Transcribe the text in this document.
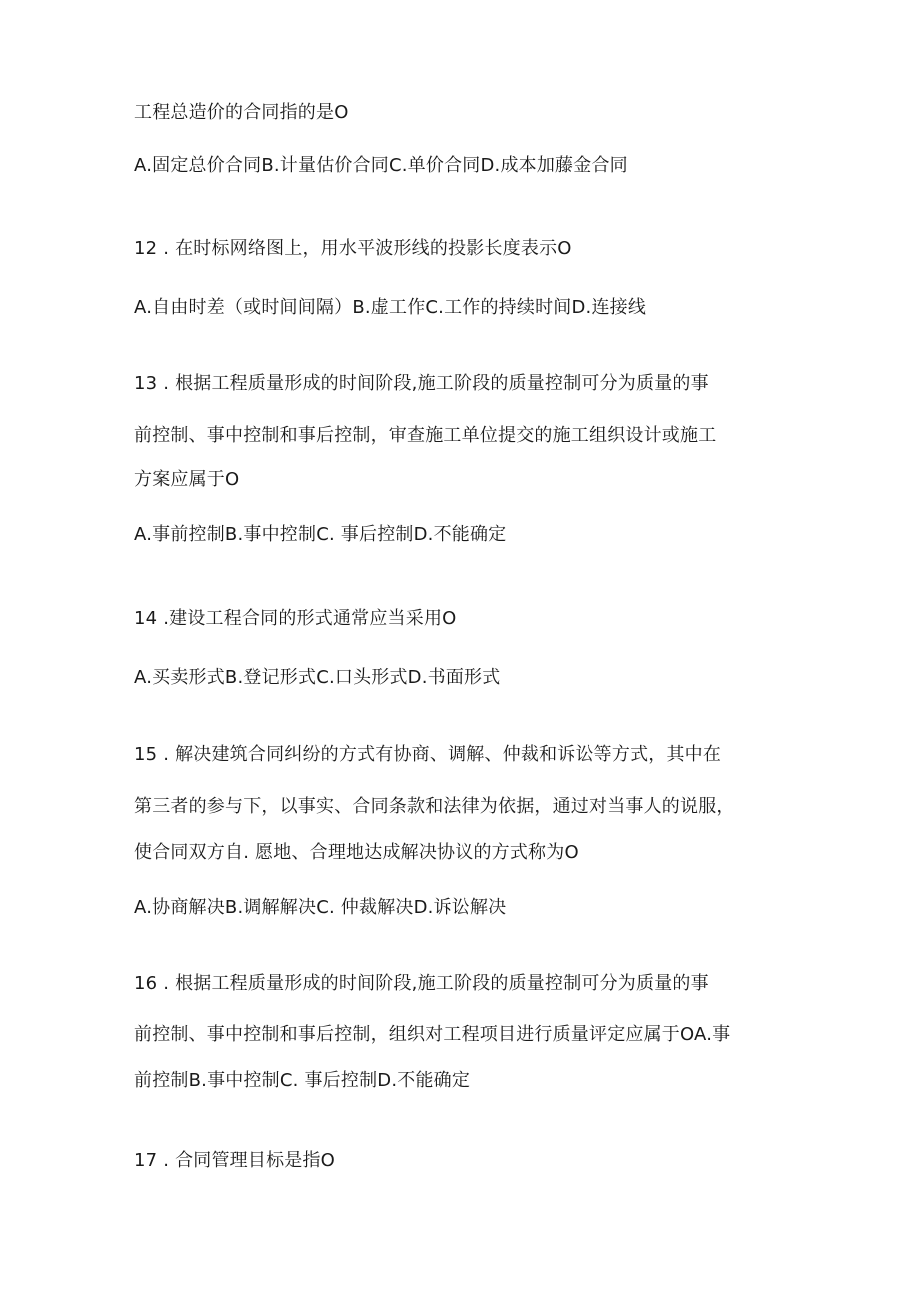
工程总造价的合同指的是O
A.固定总价合同B.计量估价合同C.单价合同D.成本加藤金合同
12 . 在时标网络图上，用水平波形线的投影长度表示O
A.自由时差（或时间间隔）B.虚工作C.工作的持续时间D.连接线
13 . 根据工程质量形成的时间阶段,施工阶段的质量控制可分为质量的事
前控制、事中控制和事后控制，审查施工单位提交的施工组织设计或施工
方案应属于O
A.事前控制B.事中控制C. 事后控制D.不能确定
14 .建设工程合同的形式通常应当采用O
A.买卖形式B.登记形式C.口头形式D.书面形式
15 . 解决建筑合同纠纷的方式有协商、调解、仲裁和诉讼等方式，其中在
第三者的参与下，以事实、合同条款和法律为依据，通过对当事人的说服，
使合同双方自. 愿地、合理地达成解决协议的方式称为O
A.协商解决B.调解解决C. 仲裁解决D.诉讼解决
16 . 根据工程质量形成的时间阶段,施工阶段的质量控制可分为质量的事
前控制、事中控制和事后控制，组织对工程项目进行质量评定应属于OA.事
前控制B.事中控制C. 事后控制D.不能确定
17 . 合同管理目标是指O
